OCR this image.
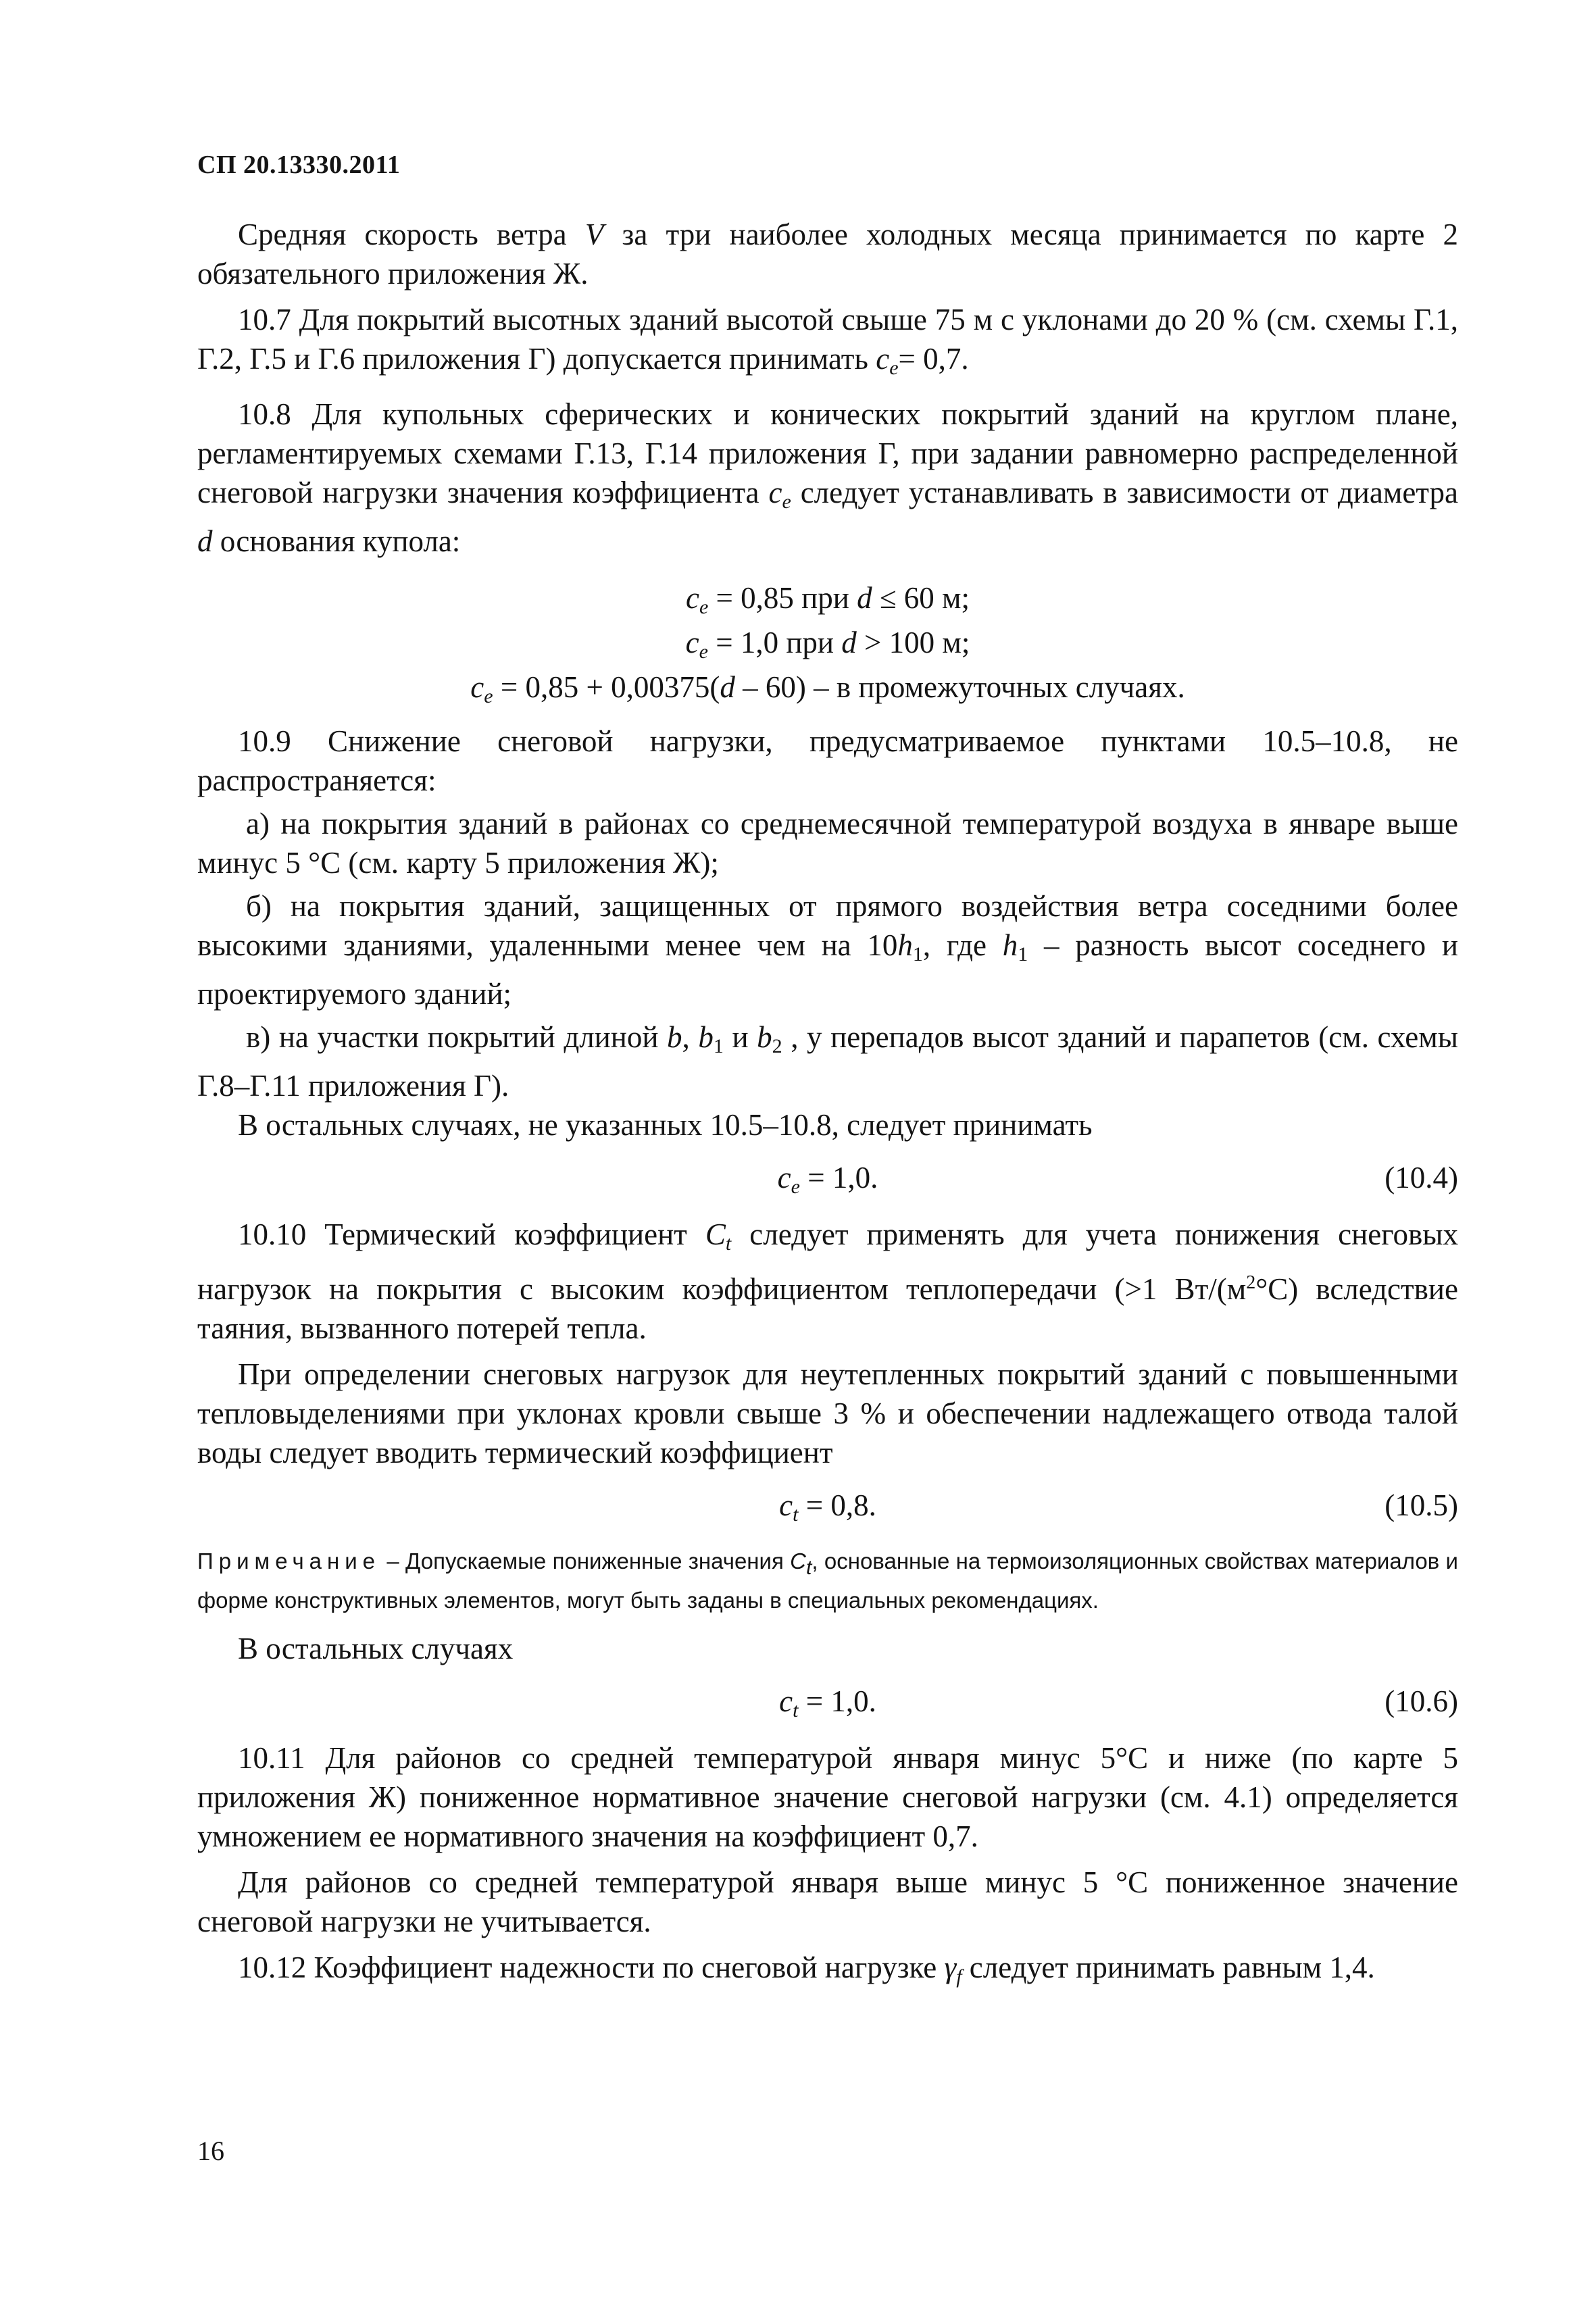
СП 20.13330.2011

Средняя скорость ветра V за три наиболее холодных месяца принимается по карте 2 обязательного приложения Ж.

10.7 Для покрытий высотных зданий высотой свыше 75 м с уклонами до 20 % (см. схемы Г.1, Г.2, Г.5 и Г.6 приложения Г) допускается принимать $c_e= 0,7$.

10.8 Для купольных сферических и конических покрытий зданий на круглом плане, регламентируемых схемами Г.13, Г.14 приложения Г, при задании равномерно распределенной снеговой нагрузки значения коэффициента $c_e$ следует устанавливать в зависимости от диаметра d основания купола:

$c_e = 0,85$ при d ≤ 60 м;
$c_e = 1,0$ при d > 100 м;
$c_e = 0,85 + 0,00375(d - 60) - в$ промежуточных случаях.

10.9 Снижение снеговой нагрузки, предусматриваемое пунктами 10.5–10.8, не распространяется:

а) на покрытия зданий в районах со среднемесячной температурой воздуха в январе выше минус 5 °С (см. карту 5 приложения Ж);

б) на покрытия зданий, защищенных от прямого воздействия ветра соседними более высокими зданиями, удаленными менее чем на 10h1, где h1 – разность высот соседнего и проектируемого зданий;

в) на участки покрытий длиной b, b1 и b2 , у перепадов высот зданий и парапетов (см. схемы Г.8–Г.11 приложения Г).

В остальных случаях, не указанных 10.5–10.8, следует принимать

$c_e = 1,0$.	(10.4)

10.10 Термический коэффициент $C_t$ следует применять для учета понижения снеговых нагрузок на покрытия с высоким коэффициентом теплопередачи (>1 $Вт/(м^2^\circ С)$ вследствие таяния, вызванного потерей тепла.

При определении снеговых нагрузок для неутепленных покрытий зданий с повышенными тепловыделениями при уклонах кровли свыше 3 % и обеспечении надлежащего отвода талой воды следует вводить термический коэффициент

$c_t = 0,8$.	(10.5)
Примечание – Допускаемые пониженные значения Ct, основанные на термоизоляционных свойствах материалов и форме конструктивных элементов, могут быть заданы в специальных рекомендациях.

В остальных случаях

$c_t = 1,0$.	(10.6)

10.11 Для районов со средней температурой января минус 5°С и ниже (по карте 5 приложения Ж) пониженное нормативное значение снеговой нагрузки (см. 4.1) определяется умножением ее нормативного значения на коэффициент 0,7.

Для районов со средней температурой января выше минус 5 °С пониженное значение снеговой нагрузки не учитывается.

10.12 Коэффициент надежности по снеговой нагрузке $\gamma_f$ следует принимать равным 1,4.

16
